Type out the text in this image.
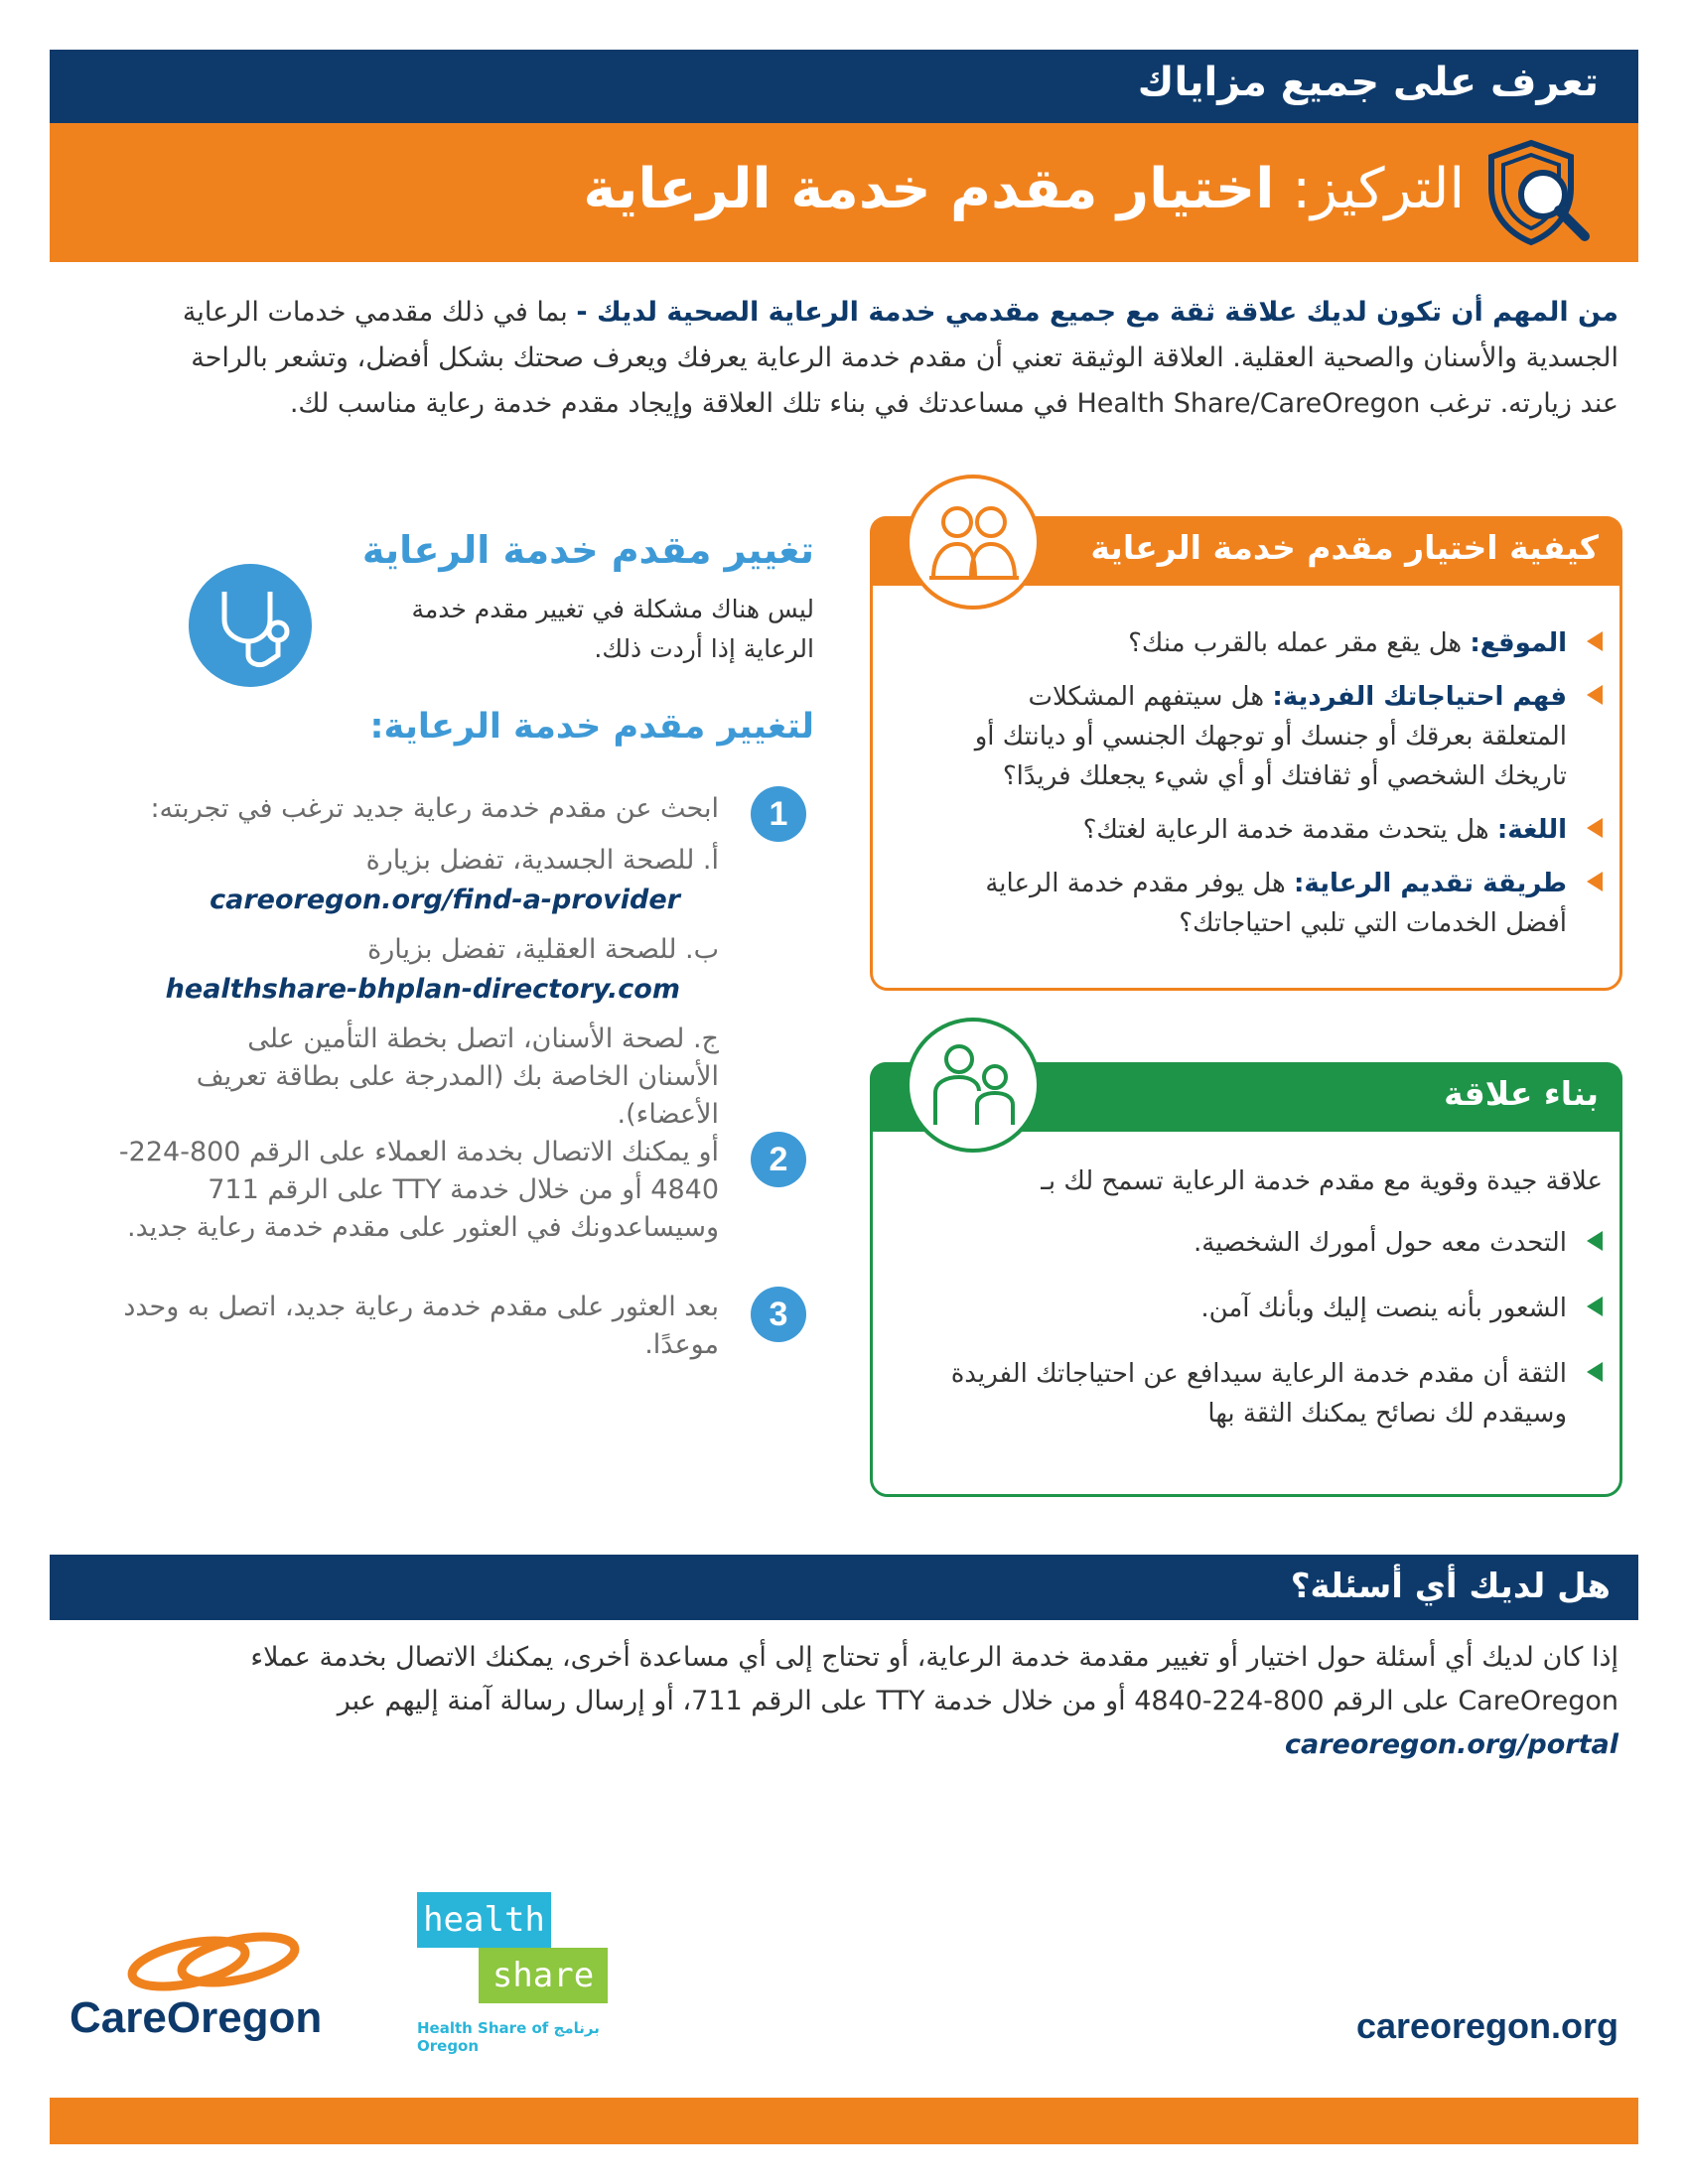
تعرف على جميع مزاياك
التركيز: اختيار مقدم خدمة الرعاية
من المهم أن تكون لديك علاقة ثقة مع جميع مقدمي خدمة الرعاية الصحية لديك - بما في ذلك مقدمي خدمات الرعاية الجسدية والأسنان والصحية العقلية. العلاقة الوثيقة تعني أن مقدم خدمة الرعاية يعرفك ويعرف صحتك بشكل أفضل، وتشعر بالراحة عند زيارته. ترغب Health Share/CareOregon في مساعدتك في بناء تلك العلاقة وإيجاد مقدم خدمة رعاية مناسب لك.
كيفية اختيار مقدم خدمة الرعاية
الموقع: هل يقع مقر عمله بالقرب منك؟
فهم احتياجاتك الفردية: هل سيتفهم المشكلات المتعلقة بعرقك أو جنسك أو توجهك الجنسي أو ديانتك أو تاريخك الشخصي أو ثقافتك أو أي شيء يجعلك فريدًا؟
اللغة: هل يتحدث مقدمة خدمة الرعاية لغتك؟
طريقة تقديم الرعاية: هل يوفر مقدم خدمة الرعاية أفضل الخدمات التي تلبي احتياجاتك؟
بناء علاقة
علاقة جيدة وقوية مع مقدم خدمة الرعاية تسمح لك بـ
التحدث معه حول أمورك الشخصية.
الشعور بأنه ينصت إليك وبأنك آمن.
الثقة أن مقدم خدمة الرعاية سيدافع عن احتياجاتك الفريدة وسيقدم لك نصائح يمكنك الثقة بها
تغيير مقدم خدمة الرعاية
ليس هناك مشكلة في تغيير مقدم خدمة الرعاية إذا أردت ذلك.
لتغيير مقدم خدمة الرعاية:
1
ابحث عن مقدم خدمة رعاية جديد ترغب في تجربته:
أ. للصحة الجسدية، تفضل بزيارة
careoregon.org/find-a-provider
ب. للصحة العقلية، تفضل بزيارة
healthshare-bhplan-directory.com
ج. لصحة الأسنان، اتصل بخطة التأمين على الأسنان الخاصة بك (المدرجة على بطاقة تعريف الأعضاء).
2
أو يمكنك الاتصال بخدمة العملاء على الرقم 800-224-4840 أو من خلال خدمة TTY على الرقم 711 وسيساعدونك في العثور على مقدم خدمة رعاية جديد.
3
بعد العثور على مقدم خدمة رعاية جديد، اتصل به وحدد موعدًا.
هل لديك أي أسئلة؟
إذا كان لديك أي أسئلة حول اختيار أو تغيير مقدمة خدمة الرعاية، أو تحتاج إلى أي مساعدة أخرى، يمكنك الاتصال بخدمة عملاء CareOregon على الرقم 800-224-4840 أو من خلال خدمة TTY على الرقم 711، أو إرسال رسالة آمنة إليهم عبر
careoregon.org/portal
CareOregon
health
share
برنامج Health Share of Oregon	careoregon.org
